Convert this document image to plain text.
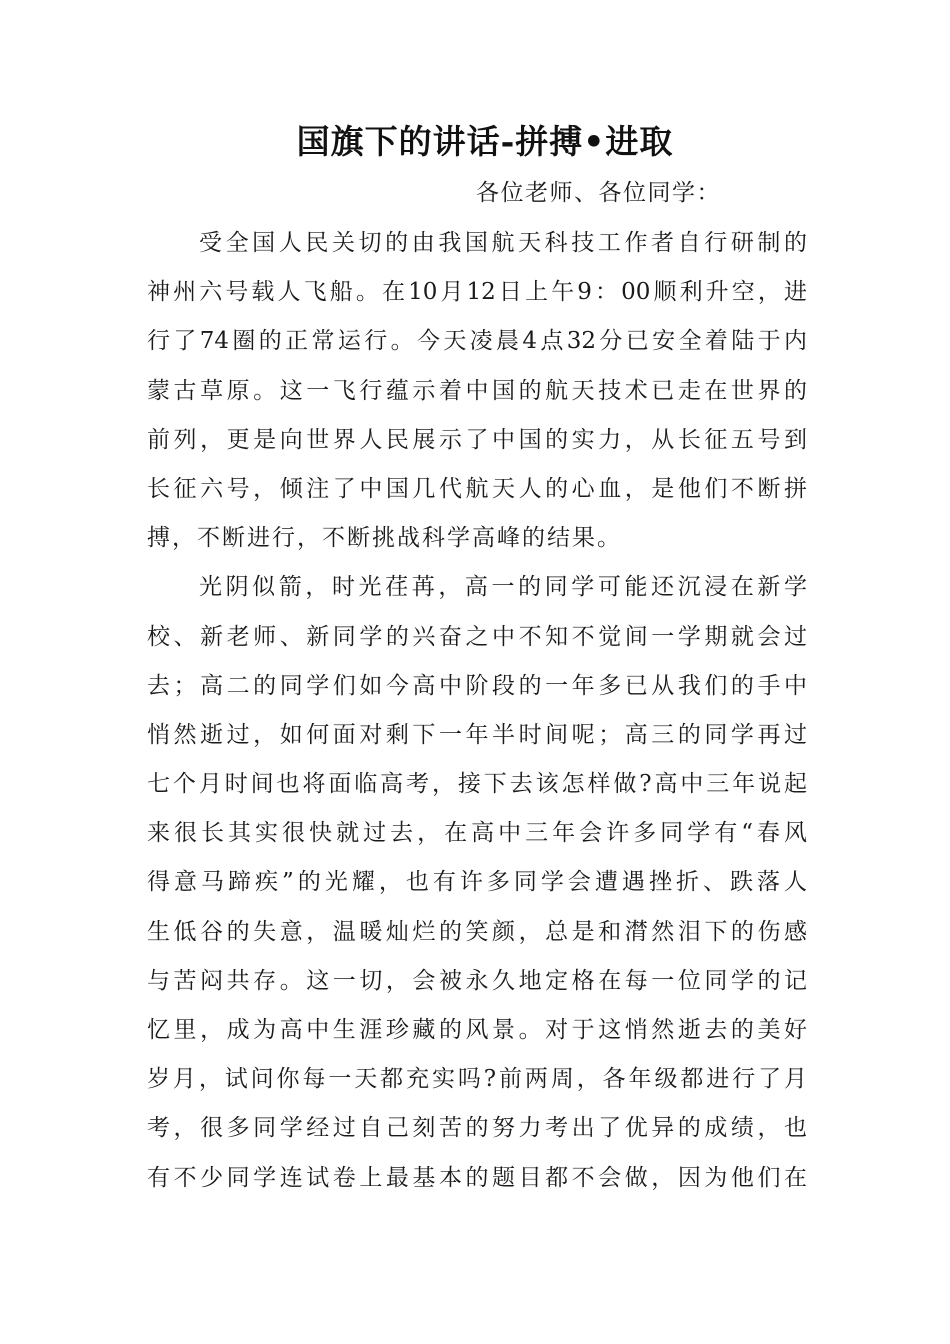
国旗下的讲话-拼搏•进取

各位老师、各位同学：

受全国人民关切的由我国航天科技工作者自行研制的

神州六号载人飞船。在10月12日上午9：00顺利升空，进

行了74圈的正常运行。今天凌晨4点32分已安全着陆于内

蒙古草原。这一飞行蕴示着中国的航天技术已走在世界的

前列，更是向世界人民展示了中国的实力，从长征五号到

长征六号，倾注了中国几代航天人的心血，是他们不断拼

搏，不断进行，不断挑战科学高峰的结果。

光阴似箭，时光荏苒，高一的同学可能还沉浸在新学

校、新老师、新同学的兴奋之中不知不觉间一学期就会过

去；高二的同学们如今高中阶段的一年多已从我们的手中

悄然逝过，如何面对剩下一年半时间呢；高三的同学再过

七个月时间也将面临高考，接下去该怎样做?高中三年说起

来很长其实很快就过去，在高中三年会许多同学有“春风

得意马蹄疾”的光耀，也有许多同学会遭遇挫折、跌落人

生低谷的失意，温暖灿烂的笑颜，总是和潸然泪下的伤感

与苦闷共存。这一切，会被永久地定格在每一位同学的记

忆里，成为高中生涯珍藏的风景。对于这悄然逝去的美好

岁月，试问你每一天都充实吗?前两周，各年级都进行了月

考，很多同学经过自己刻苦的努力考出了优异的成绩，也

有不少同学连试卷上最基本的题目都不会做，因为他们在
